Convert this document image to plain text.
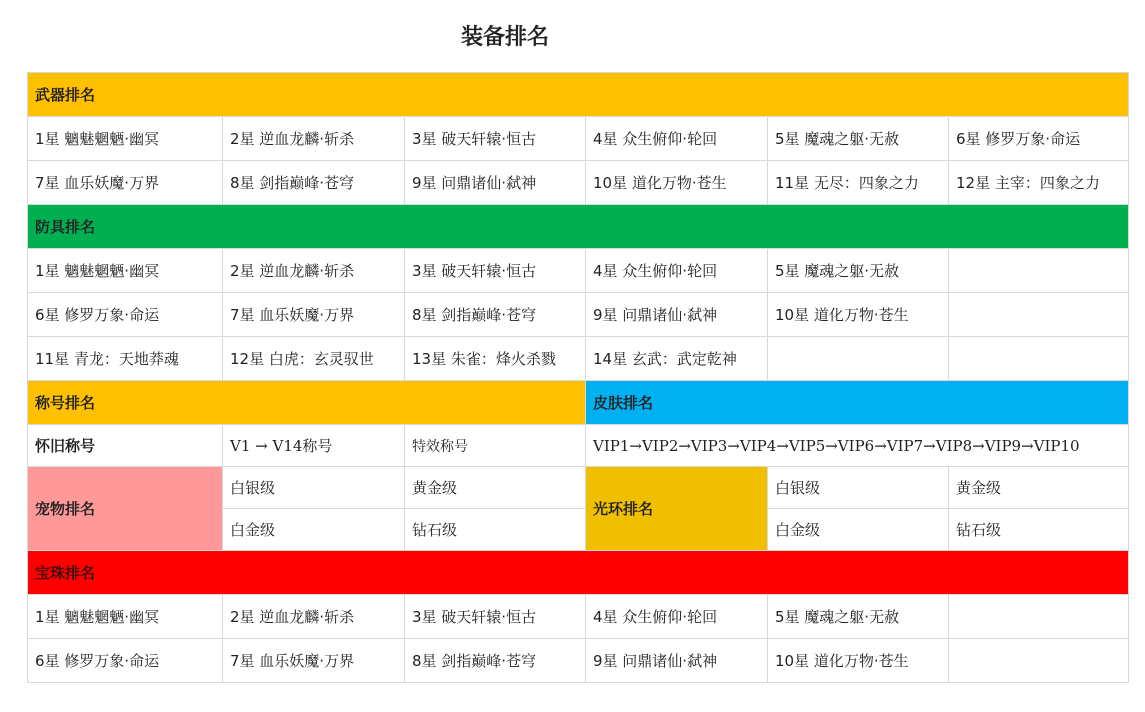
装备排名
武器排名					
1星 魑魅魍魉·幽冥	2星 逆血龙麟·斩杀	3星 破天轩辕·恒古	4星 众生俯仰·轮回	5星 魔魂之躯·无赦	6星 修罗万象·命运
7星 血乐妖魔·万界	8星 剑指巅峰·苍穹	9星 问鼎诸仙·弑神	10星 道化万物·苍生	11星 无尽：四象之力	12星 主宰：四象之力
防具排名					
1星 魑魅魍魉·幽冥	2星 逆血龙麟·斩杀	3星 破天轩辕·恒古	4星 众生俯仰·轮回	5星 魔魂之躯·无赦	
6星 修罗万象·命运	7星 血乐妖魔·万界	8星 剑指巅峰·苍穹	9星 问鼎诸仙·弑神	10星 道化万物·苍生	
11星 青龙：天地莽魂	12星 白虎：玄灵驭世	13星 朱雀：烽火杀戮	14星 玄武：武定乾神		
称号排名			皮肤排名		
怀旧称号	V1 → V14称号	特效称号	VIP1→VIP2→VIP3→VIP4→VIP5→VIP6→VIP7→VIP8→VIP9→VIP10		
宠物排名	白银级	黄金级	光环排名	白银级	黄金级
	白金级	钻石级		白金级	钻石级
宝珠排名					
1星 魑魅魍魉·幽冥	2星 逆血龙麟·斩杀	3星 破天轩辕·恒古	4星 众生俯仰·轮回	5星 魔魂之躯·无赦	
6星 修罗万象·命运	7星 血乐妖魔·万界	8星 剑指巅峰·苍穹	9星 问鼎诸仙·弑神	10星 道化万物·苍生	
